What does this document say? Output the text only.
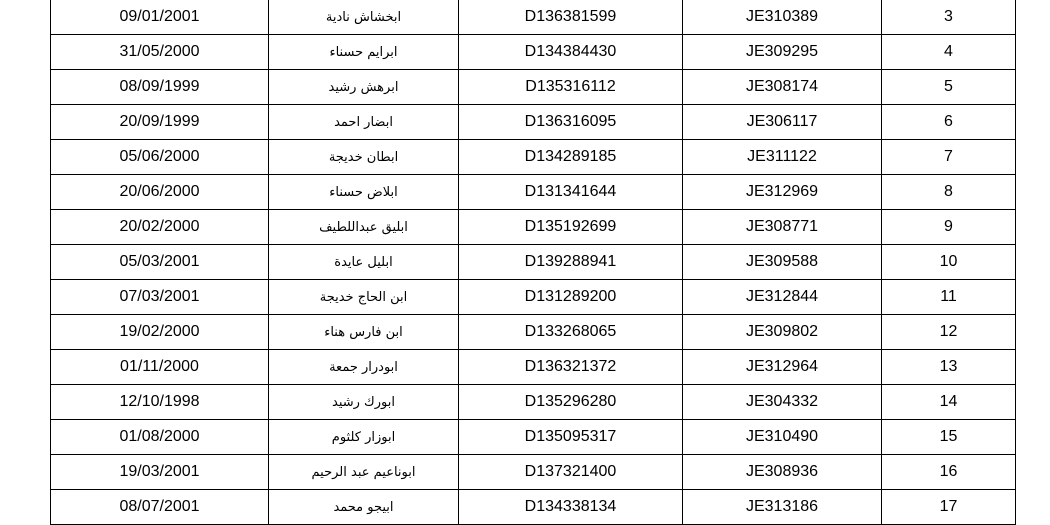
09/01/2001	ابخشاش نادية	D136381599	JE310389	3
31/05/2000	ابرايم حسناء	D134384430	JE309295	4
08/09/1999	ابرهش رشيد	D135316112	JE308174	5
20/09/1999	ابضار احمد	D136316095	JE306117	6
05/06/2000	ابطان خديجة	D134289185	JE311122	7
20/06/2000	ابلاض حسناء	D131341644	JE312969	8
20/02/2000	ابليق عبداللطيف	D135192699	JE308771	9
05/03/2001	ابليل عايدة	D139288941	JE309588	10
07/03/2001	ابن الحاج خديجة	D131289200	JE312844	11
19/02/2000	ابن فارس هناء	D133268065	JE309802	12
01/11/2000	ابودرار جمعة	D136321372	JE312964	13
12/10/1998	ابورك رشيد	D135296280	JE304332	14
01/08/2000	ابوزار كلثوم	D135095317	JE310490	15
19/03/2001	ابوناعيم عبد الرحيم	D137321400	JE308936	16
08/07/2001	ابيجو محمد	D134338134	JE313186	17
